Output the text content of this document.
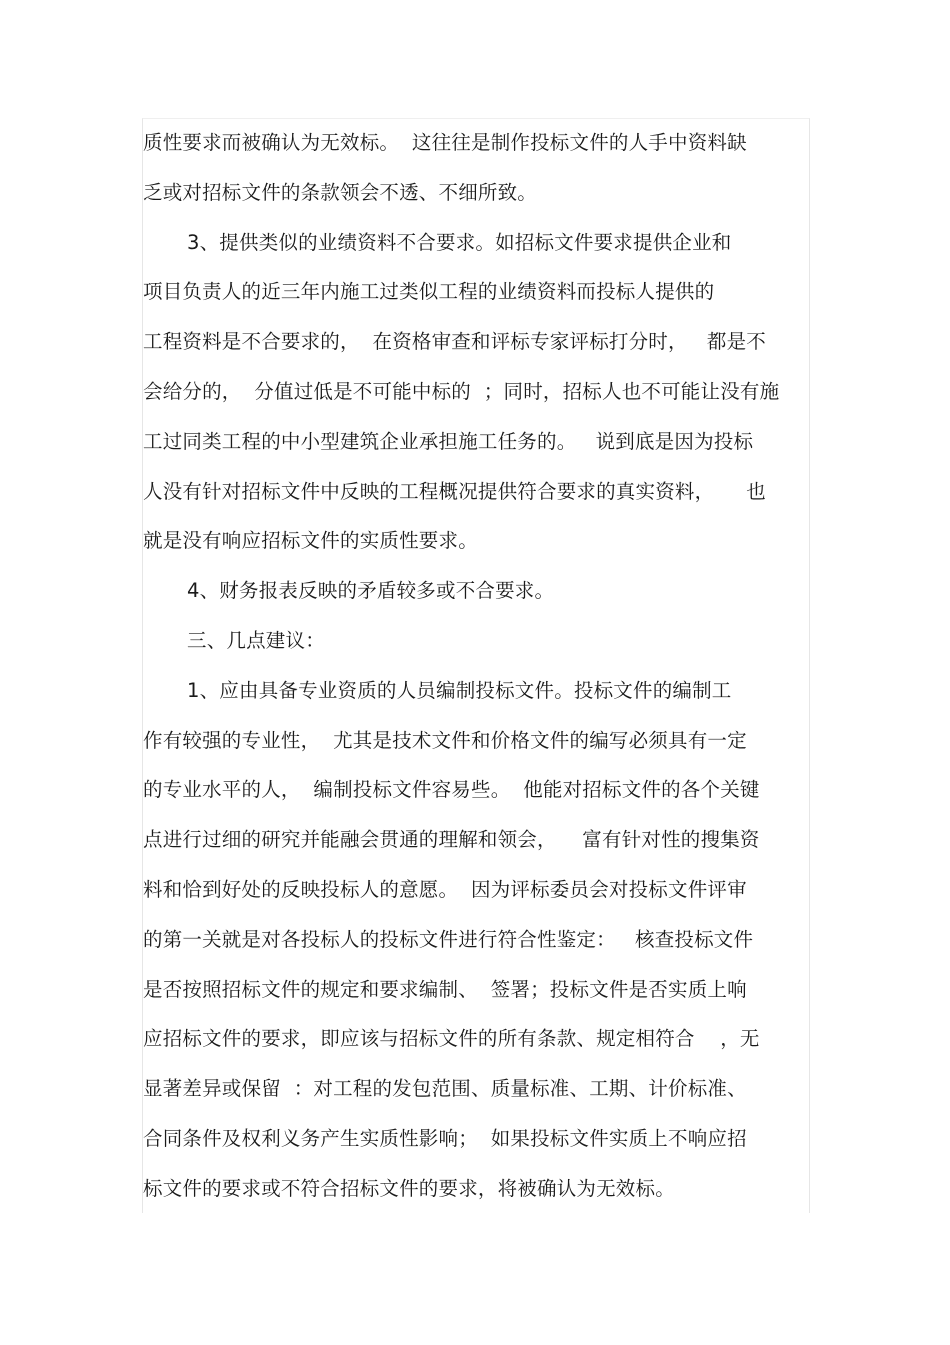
质性要求而被确认为无效标。  这往往是制作投标文件的人手中资料缺
乏或对招标文件的条款领会不透、不细所致。
3、提供类似的业绩资料不合要求。如招标文件要求提供企业和
项目负责人的近三年内施工过类似工程的业绩资料而投标人提供的
工程资料是不合要求的，  在资格审查和评标专家评标打分时，   都是不
会给分的，  分值过低是不可能中标的  ；同时，招标人也不可能让没有施
工过同类工程的中小型建筑企业承担施工任务的。   说到底是因为投标
人没有针对招标文件中反映的工程概况提供符合要求的真实资料，     也
就是没有响应招标文件的实质性要求。
4、财务报表反映的矛盾较多或不合要求。
三、几点建议：
1、应由具备专业资质的人员编制投标文件。投标文件的编制工
作有较强的专业性，  尤其是技术文件和价格文件的编写必须具有一定
的专业水平的人，  编制投标文件容易些。  他能对招标文件的各个关键
点进行过细的研究并能融会贯通的理解和领会，    富有针对性的搜集资
料和恰到好处的反映投标人的意愿。  因为评标委员会对投标文件评审
的第一关就是对各投标人的投标文件进行符合性鉴定：   核查投标文件
是否按照招标文件的规定和要求编制、  签署；投标文件是否实质上响
应招标文件的要求，即应该与招标文件的所有条款、规定相符合    ，无
显著差异或保留  ：对工程的发包范围、质量标准、工期、计价标准、
合同条件及权利义务产生实质性影响；  如果投标文件实质上不响应招
标文件的要求或不符合招标文件的要求，将被确认为无效标。
